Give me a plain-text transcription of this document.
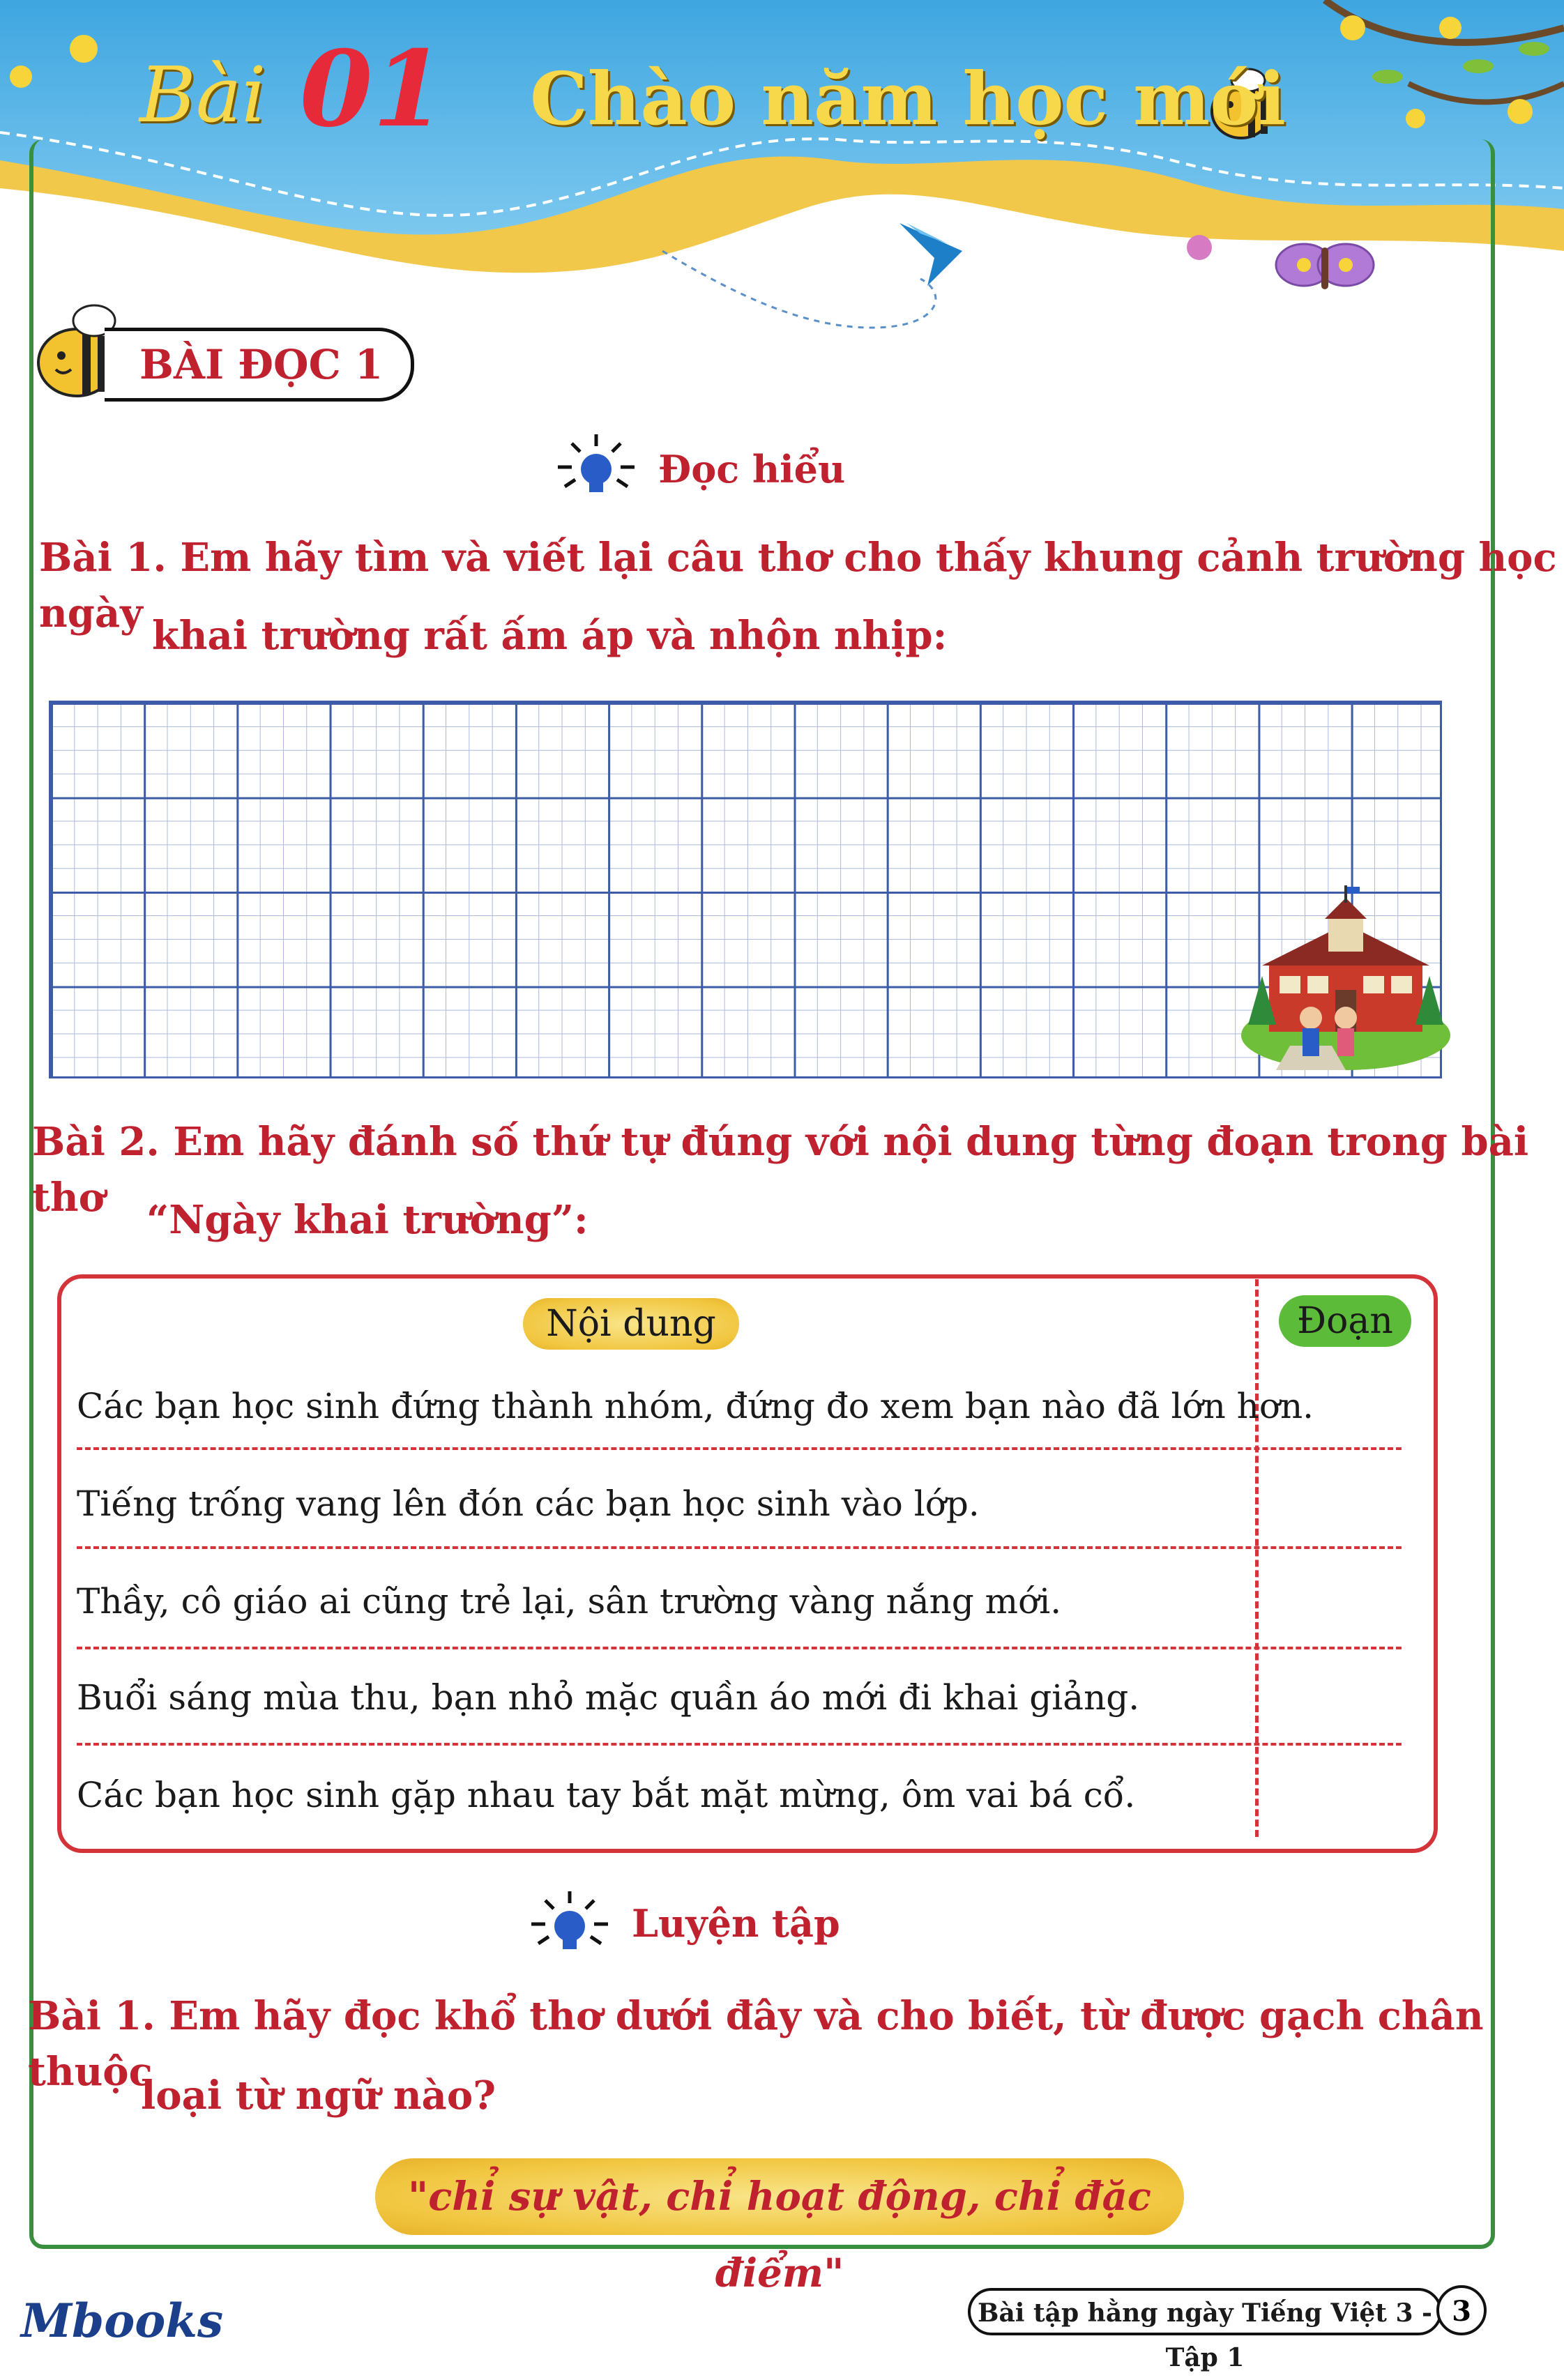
Bài 01 Chào năm học mới
BÀI ĐỌC 1
Đọc hiểu
Bài 1. Em hãy tìm và viết lại câu thơ cho thấy khung cảnh trường học ngày khai trường rất ấm áp và nhộn nhịp:
Bài 2. Em hãy đánh số thứ tự đúng với nội dung từng đoạn trong bài thơ	“Ngày khai trường”:
Nội dung	Đoạn
Các bạn học sinh đứng thành nhóm, đứng đo xem bạn nào đã lớn hơn.
Tiếng trống vang lên đón các bạn học sinh vào lớp.
Thầy, cô giáo ai cũng trẻ lại, sân trường vàng nắng mới.
Buổi sáng mùa thu, bạn nhỏ mặc quần áo mới đi khai giảng.
Các bạn học sinh gặp nhau tay bắt mặt mừng, ôm vai bá cổ.
Luyện tập
Bài 1. Em hãy đọc khổ thơ dưới đây và cho biết, từ được gạch chân thuộc
loại từ ngữ nào?
"chỉ sự vật, chỉ hoạt động, chỉ đặc điểm"
Mbooks	Bài tập hằng ngày Tiếng Việt 3 - Tập 1
3
